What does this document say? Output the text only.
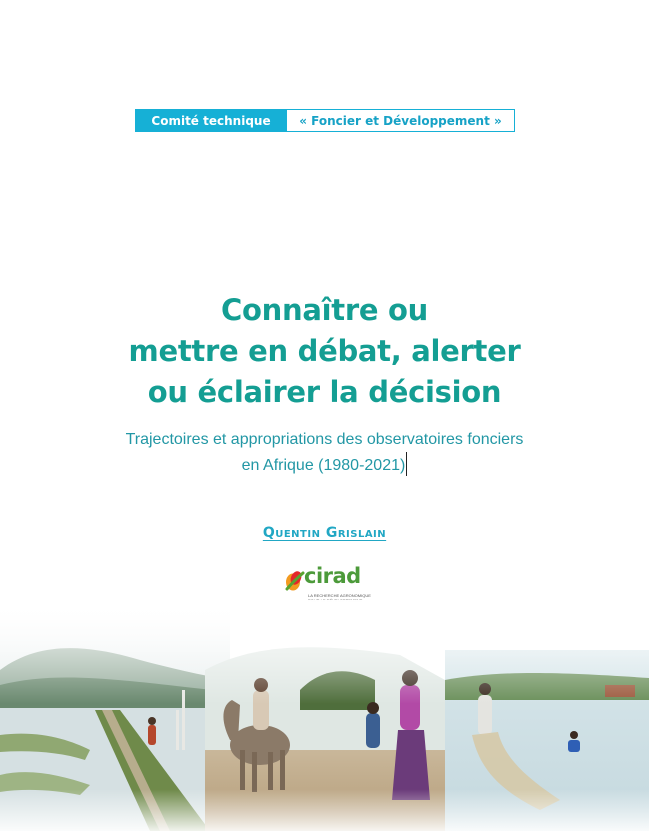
Comité technique	« Foncier et Développement »
Connaître ou
mettre en débat, alerter
ou éclairer la décision
Trajectoires et appropriations des observatoires fonciers
en Afrique (1980-2021)
Quentin Grislain
cirad
LA RECHERCHE AGRONOMIQUE
